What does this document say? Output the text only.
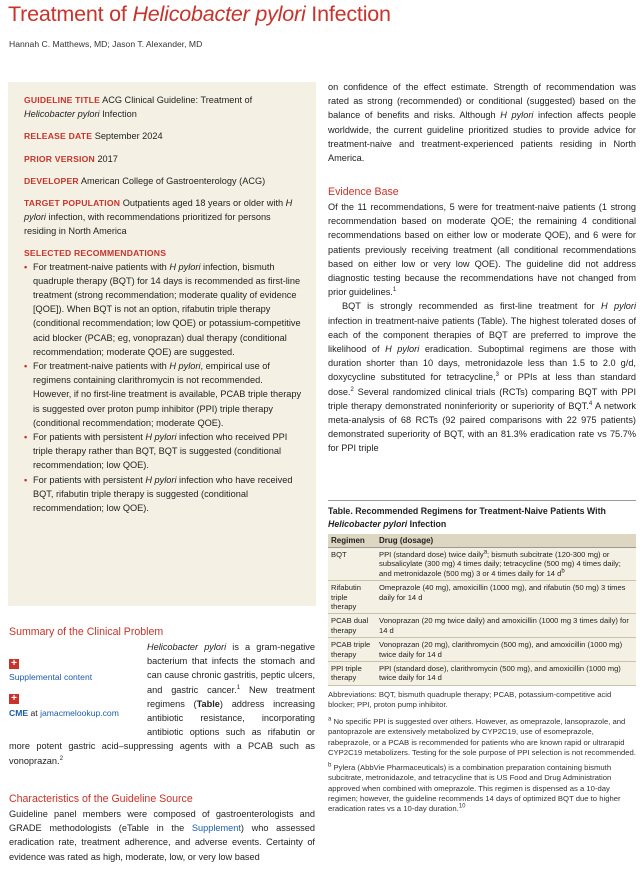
Treatment of Helicobacter pylori Infection
Hannah C. Matthews, MD; Jason T. Alexander, MD

GUIDELINE TITLE ACG Clinical Guideline: Treatment of Helicobacter pylori Infection

RELEASE DATE September 2024

PRIOR VERSION 2017

DEVELOPER American College of Gastroenterology (ACG)

TARGET POPULATION Outpatients aged 18 years or older with H pylori infection, with recommendations prioritized for persons residing in North America

SELECTED RECOMMENDATIONS
• For treatment-naive patients with H pylori infection, bismuth quadruple therapy (BQT) for 14 days is recommended as first-line treatment (strong recommendation; moderate quality of evidence [QOE]). When BQT is not an option, rifabutin triple therapy (conditional recommendation; low QOE) or potassium-competitive acid blocker (PCAB; eg, vonoprazan) dual therapy (conditional recommendation; moderate QOE) are suggested.
• For treatment-naive patients with H pylori, empirical use of regimens containing clarithromycin is not recommended. However, if no first-line treatment is available, PCAB triple therapy is suggested over proton pump inhibitor (PPI) triple therapy (conditional recommendation; moderate QOE).
• For patients with persistent H pylori infection who received PPI triple therapy rather than BQT, BQT is suggested (conditional recommendation; low QOE).
• For patients with persistent H pylori infection who have received BQT, rifabutin triple therapy is suggested (conditional recommendation; low QOE).
Summary of the Clinical Problem
+
Supplemental content
+
CME at jamacmelookup.com

Helicobacter pylori is a gram-negative bacterium that infects the stomach and can cause chronic gastritis, peptic ulcers, and gastric cancer.$^1$ New treatment regimens (Table) address increasing antibiotic resistance, incorporating antibiotic options such as rifabutin or more potent gastric acid–suppressing agents with a PCAB such as vonoprazan.$^2$

Characteristics of the Guideline Source

Guideline panel members were composed of gastroenterologists and GRADE methodologists (eTable in the Supplement) who assessed eradication rate, treatment adherence, and adverse events. Certainty of evidence was rated as high, moderate, low, or very low based

on confidence of the effect estimate. Strength of recommendation was rated as strong (recommended) or conditional (suggested) based on the balance of benefits and risks. Although H pylori infection affects people worldwide, the current guideline prioritized studies to provide advice for treatment-naive and treatment-experienced patients residing in North America.

Evidence Base

Of the 11 recommendations, 5 were for treatment-naive patients (1 strong recommendation based on moderate QOE; the remaining 4 conditional recommendations based on either low or moderate QOE), and 6 were for patients previously receiving treatment (all conditional recommendations based on either low or very low QOE). The guideline did not address diagnostic testing because the recommendations have not changed from prior guidelines.$^1$

BQT is strongly recommended as first-line treatment for H pylori infection in treatment-naive patients (Table). The highest tolerated doses of each of the component therapies of BQT are preferred to improve the likelihood of H pylori eradication. Suboptimal regimens are those with duration shorter than 10 days, metronidazole less than 1.5 to 2.0 g/d, doxycycline substituted for tetracycline,$^3$ or PPIs at less than standard dose.$^2$ Several randomized clinical trials (RCTs) comparing BQT with PPI triple therapy demonstrated noninferiority or superiority of BQT.$^4$ A network meta-analysis of 68 RCTs (92 paired comparisons with 22 975 patients) demonstrated superiority of BQT, with an 81.3% eradication rate vs 75.7% for PPI triple

Table. Recommended Regimens for Treatment-Naive Patients With Helicobacter pylori Infection
Regimen	Drug (dosage)
BQT	PPI (standard dose) twice daily$^a$; bismuth subcitrate (120-300 mg) or subsalicylate (300 mg) 4 times daily; tetracycline (500 mg) 4 times daily; and metronidazole (500 mg) 3 or 4 times daily for 14 $d^b$
Rifabutin triple therapy	Omeprazole (40 mg), amoxicillin (1000 mg), and rifabutin (50 mg) 3 times daily for 14 d
PCAB dual therapy	Vonoprazan (20 mg twice daily) and amoxicillin (1000 mg 3 times daily) for 14 d
PCAB triple therapy	Vonoprazan (20 mg), clarithromycin (500 mg), and amoxicillin (1000 mg) twice daily for 14 d
PPI triple therapy	PPI (standard dose), clarithromycin (500 mg), and amoxicillin (1000 mg) twice daily for 14 d
Abbreviations: BQT, bismuth quadruple therapy; PCAB, potassium-competitive acid blocker; PPI, proton pump inhibitor.
$^a$ No specific PPI is suggested over others. However, as omeprazole, lansoprazole, and pantoprazole are extensively metabolized by CYP2C19, use of esomeprazole, rabeprazole, or a PCAB is recommended for patients who are known rapid or ultrarapid CYP2C19 metabolizers. Testing for the sole purpose of PPI selection is not recommended.
$^b$ Pylera (AbbVie Pharmaceuticals) is a combination preparation containing bismuth subcitrate, metronidazole, and tetracycline that is US Food and Drug Administration approved when combined with omeprazole. This regimen is dispensed as a 10-day regimen; however, the guideline recommends 14 days of optimized BQT due to higher eradication rates vs a 10-day duration.$^{10}$
